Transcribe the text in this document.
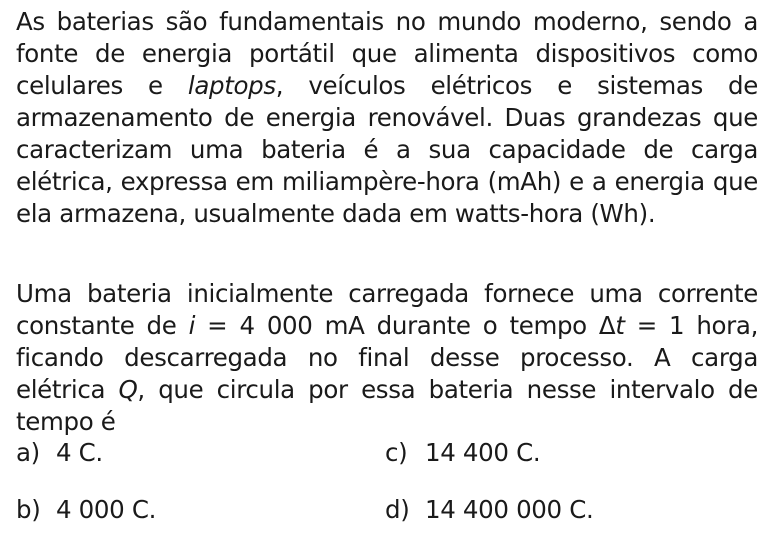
As baterias são fundamentais no mundo moderno, sendo a fonte de energia portátil que alimenta dispositivos como celulares e laptops, veículos elétricos e sistemas de armazenamento de energia renovável. Duas grandezas que caracterizam uma bateria é a sua capacidade de carga elétrica, expressa em miliampère-hora (mAh) e a energia que ela armazena, usualmente dada em watts-hora (Wh).

Uma bateria inicialmente carregada fornece uma corrente constante de i = 4 000 mA durante o tempo Δt = 1 hora, ficando descarregada no final desse processo. A carga elétrica Q, que circula por essa bateria nesse intervalo de tempo é

a) 4 C.
b) 4 000 C.
c) 14 400 C.
d) 14 400 000 C.
